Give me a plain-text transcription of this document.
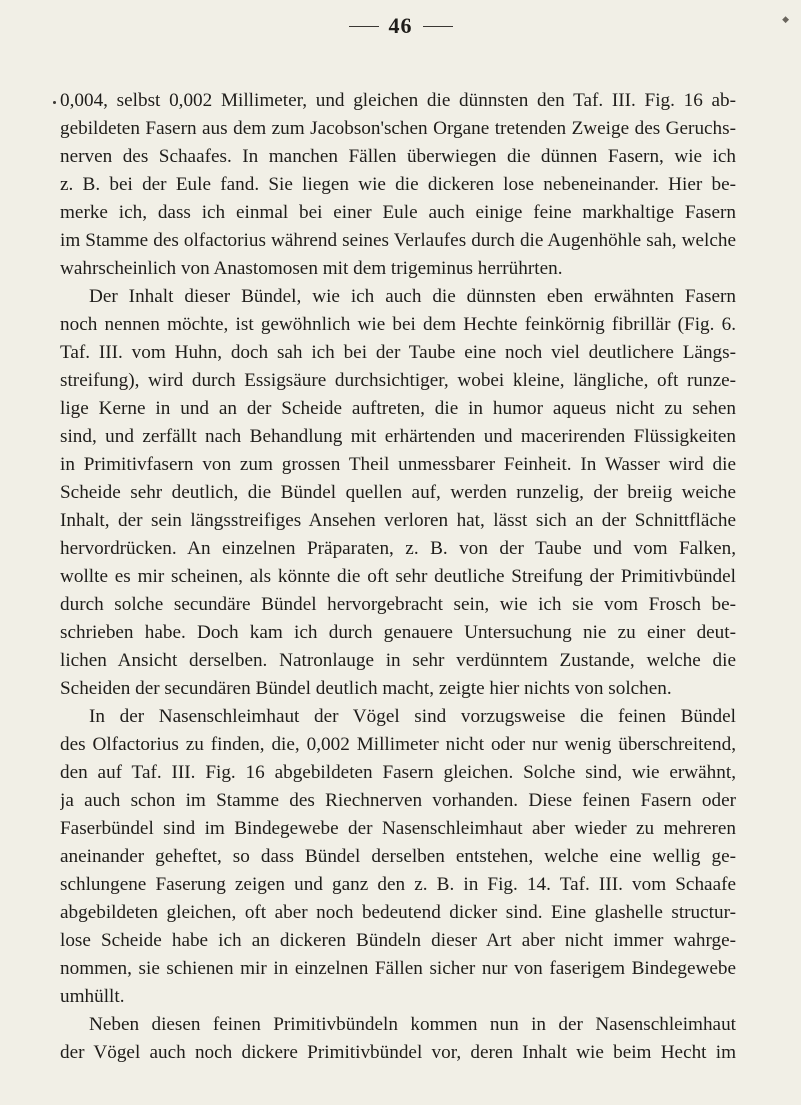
46	◆
0,004, selbst 0,002 Millimeter, und gleichen die dünnsten den Taf. III. Fig. 16 ab-
gebildeten Fasern aus dem zum Jacobson'schen Organe tretenden Zweige des Geruchs-
nerven des Schaafes. In manchen Fällen überwiegen die dünnen Fasern, wie ich
z. B. bei der Eule fand. Sie liegen wie die dickeren lose nebeneinander. Hier be-
merke ich, dass ich einmal bei einer Eule auch einige feine markhaltige Fasern
im Stamme des olfactorius während seines Verlaufes durch die Augenhöhle sah, welche
wahrscheinlich von Anastomosen mit dem trigeminus herrührten.
Der Inhalt dieser Bündel, wie ich auch die dünnsten eben erwähnten Fasern
noch nennen möchte, ist gewöhnlich wie bei dem Hechte feinkörnig fibrillär (Fig. 6.
Taf. III. vom Huhn, doch sah ich bei der Taube eine noch viel deutlichere Längs-
streifung), wird durch Essigsäure durchsichtiger, wobei kleine, längliche, oft runze-
lige Kerne in und an der Scheide auftreten, die in humor aqueus nicht zu sehen
sind, und zerfällt nach Behandlung mit erhärtenden und macerirenden Flüssigkeiten
in Primitivfasern von zum grossen Theil unmessbarer Feinheit. In Wasser wird die
Scheide sehr deutlich, die Bündel quellen auf, werden runzelig, der breiig weiche
Inhalt, der sein längsstreifiges Ansehen verloren hat, lässt sich an der Schnittfläche
hervordrücken. An einzelnen Präparaten, z. B. von der Taube und vom Falken,
wollte es mir scheinen, als könnte die oft sehr deutliche Streifung der Primitivbündel
durch solche secundäre Bündel hervorgebracht sein, wie ich sie vom Frosch be-
schrieben habe. Doch kam ich durch genauere Untersuchung nie zu einer deut-
lichen Ansicht derselben. Natronlauge in sehr verdünntem Zustande, welche die
Scheiden der secundären Bündel deutlich macht, zeigte hier nichts von solchen.
In der Nasenschleimhaut der Vögel sind vorzugsweise die feinen Bündel
des Olfactorius zu finden, die, 0,002 Millimeter nicht oder nur wenig überschreitend,
den auf Taf. III. Fig. 16 abgebildeten Fasern gleichen. Solche sind, wie erwähnt,
ja auch schon im Stamme des Riechnerven vorhanden. Diese feinen Fasern oder
Faserbündel sind im Bindegewebe der Nasenschleimhaut aber wieder zu mehreren
aneinander geheftet, so dass Bündel derselben entstehen, welche eine wellig ge-
schlungene Faserung zeigen und ganz den z. B. in Fig. 14. Taf. III. vom Schaafe
abgebildeten gleichen, oft aber noch bedeutend dicker sind. Eine glashelle structur-
lose Scheide habe ich an dickeren Bündeln dieser Art aber nicht immer wahrge-
nommen, sie schienen mir in einzelnen Fällen sicher nur von faserigem Bindegewebe
umhüllt.
Neben diesen feinen Primitivbündeln kommen nun in der Nasenschleimhaut
der Vögel auch noch dickere Primitivbündel vor, deren Inhalt wie beim Hecht im
